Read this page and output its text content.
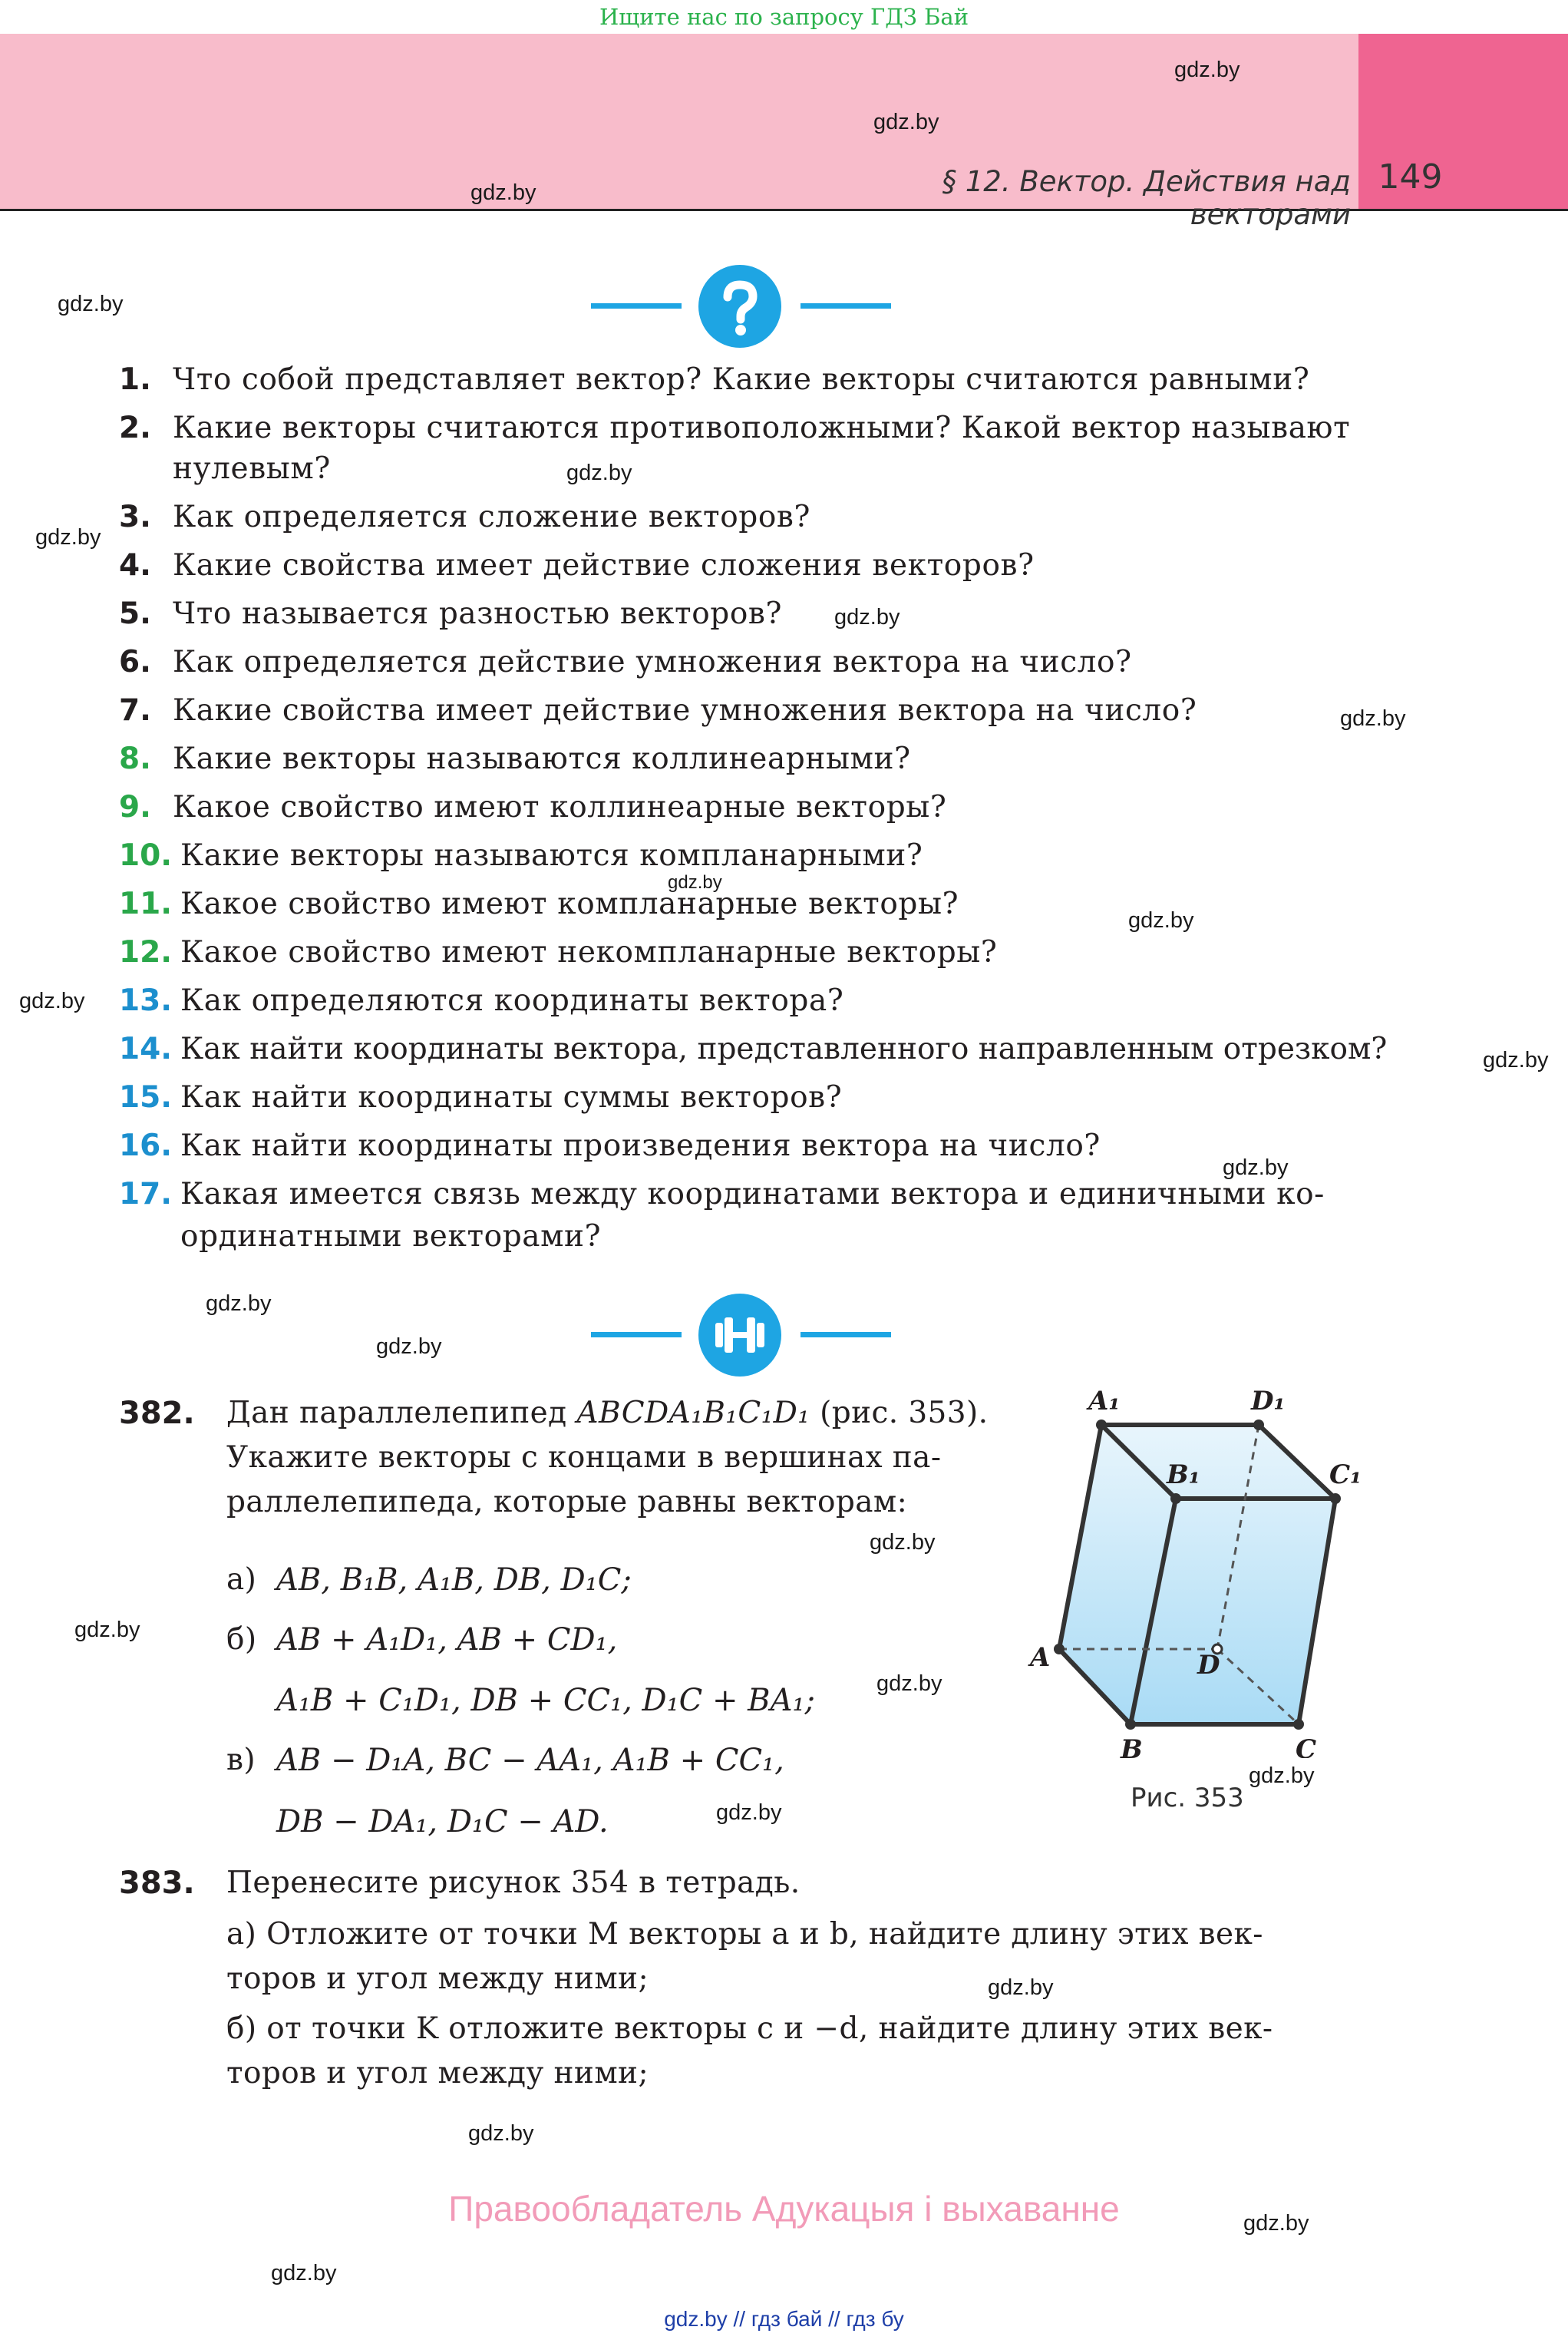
Ищите нас по запросу ГДЗ Бай
§ 12. Вектор. Действия над векторами
149
gdz.by
gdz.by
gdz.by
gdz.by
gdz.by
gdz.by
gdz.by
gdz.by
gdz.by
gdz.by
gdz.by
gdz.by
gdz.by
gdz.by
gdz.by
gdz.by
gdz.by
gdz.by
gdz.by
gdz.by
gdz.by
gdz.by
gdz.by
gdz.by
1. Что собой представляет вектор? Какие векторы считаются равными?
2. Какие векторы считаются противоположными? Какой вектор называют
нулевым?
3. Как определяется сложение векторов?
4. Какие свойства имеет действие сложения векторов?
5. Что называется разностью векторов?
6. Как определяется действие умножения вектора на число?
7. Какие свойства имеет действие умножения вектора на число?
8. Какие векторы называются коллинеарными?
9. Какое свойство имеют коллинеарные векторы?
10. Какие векторы называются компланарными?
11. Какое свойство имеют компланарные векторы?
12. Какое свойство имеют некомпланарные векторы?
13. Как определяются координаты вектора?
14. Как найти координаты вектора, представленного направленным отрезком?
15. Как найти координаты суммы векторов?
16. Как найти координаты произведения вектора на число?
17. Какая имеется связь между координатами вектора и единичными ко-
ординатными векторами?
382. Дан параллелепипед ABCDA₁B₁C₁D₁ (рис. 353).
Укажите векторы с концами в вершинах па-
раллелепипеда, которые равны векторам:
а) AB, B₁B, A₁B, DB, D₁C;
б) AB + A₁D₁, AB + CD₁,
A₁B + C₁D₁, DB + CC₁, D₁C + BA₁;
в) AB − D₁A, BC − AA₁, A₁B + CC₁,
DB − DA₁, D₁C − AD.
A₁	D₁
B₁	C₁
A	D
B	C
Рис. 353
383. Перенесите рисунок 354 в тетрадь.
а) Отложите от точки M векторы a и b, найдите длину этих век-
торов и угол между ними;
б) от точки K отложите векторы c и −d, найдите длину этих век-
торов и угол между ними;
Правообладатель Адукацыя і выхаванне
gdz.by // гдз бай // гдз бу
